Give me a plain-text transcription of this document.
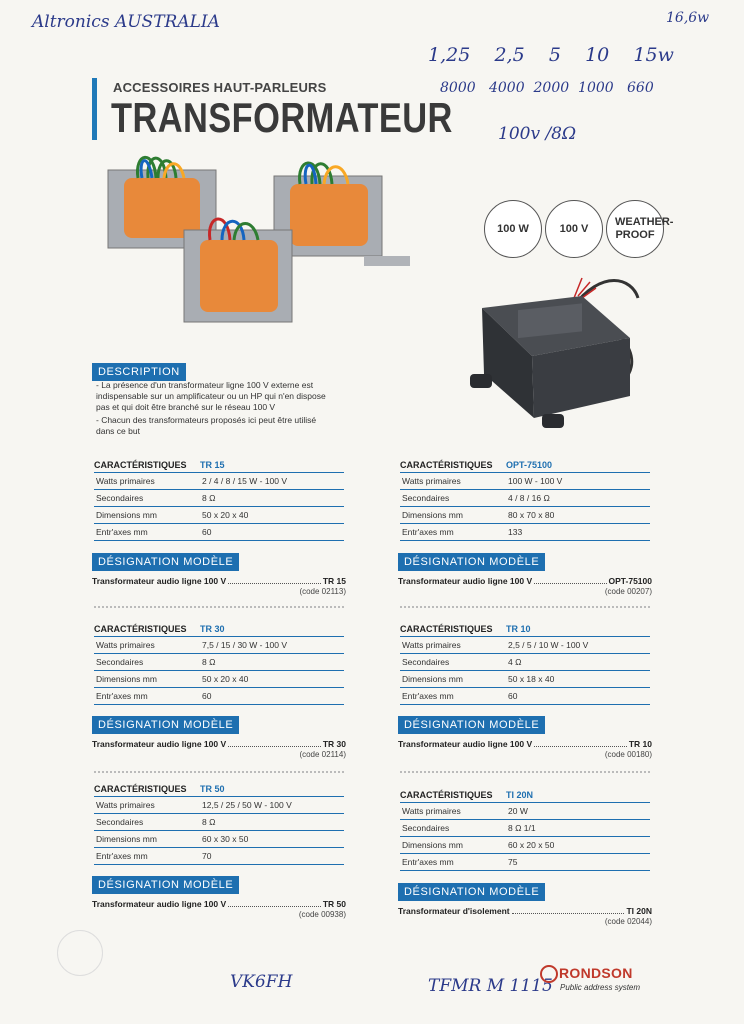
Altronics AUSTRALIA	16,6w
1,25    2,5    5    10    15w
8000   4000  2000  1000   660
100v /8Ω
ACCESSOIRES HAUT-PARLEURS
TRANSFORMATEUR
100 W	100 V
WEATHER-PROOF
DESCRIPTION
- La présence d'un transformateur ligne 100 V externe est indispensable sur un amplificateur ou un HP qui n'en dispose pas et qui doit être branché sur le réseau 100 V
- Chacun des transformateurs proposés ici peut être utilisé dans ce but
CARACTÉRISTIQUES	TR 15
Watts primaires	2 / 4 / 8 / 15 W - 100 V
Secondaires	8 Ω
Dimensions mm	50 x 20 x 40
Entr'axes mm	60
DÉSIGNATION MODÈLE
Transformateur audio ligne 100 V	TR 15
(code 02113)
CARACTÉRISTIQUES	OPT-75100
Watts primaires	100 W - 100 V
Secondaires	4 / 8 / 16 Ω
Dimensions mm	80 x 70 x 80
Entr'axes mm	133
DÉSIGNATION MODÈLE
Transformateur audio ligne 100 V	OPT-75100
(code 00207)
CARACTÉRISTIQUES	TR 30
Watts primaires	7,5 / 15 / 30 W - 100 V
Secondaires	8 Ω
Dimensions mm	50 x 20 x 40
Entr'axes mm	60
DÉSIGNATION MODÈLE
Transformateur audio ligne 100 V	TR 30
(code 02114)
CARACTÉRISTIQUES	TR 10
Watts primaires	2,5 / 5 / 10 W - 100 V
Secondaires	4 Ω
Dimensions mm	50 x 18 x 40
Entr'axes mm	60
DÉSIGNATION MODÈLE
Transformateur audio ligne 100 V	TR 10
(code 00180)
CARACTÉRISTIQUES	TR 50
Watts primaires	12,5 / 25 / 50 W - 100 V
Secondaires	8 Ω
Dimensions mm	60 x 30 x 50
Entr'axes mm	70
DÉSIGNATION MODÈLE
Transformateur audio ligne 100 V	TR 50
(code 00938)
CARACTÉRISTIQUES	TI 20N
Watts primaires	20 W
Secondaires	8 Ω 1/1
Dimensions mm	60 x 20 x 50
Entr'axes mm	75
DÉSIGNATION MODÈLE
Transformateur d'isolement	TI 20N
(code 02044)
VK6FH	TFMR M 1115
RONDSON
Public address system
